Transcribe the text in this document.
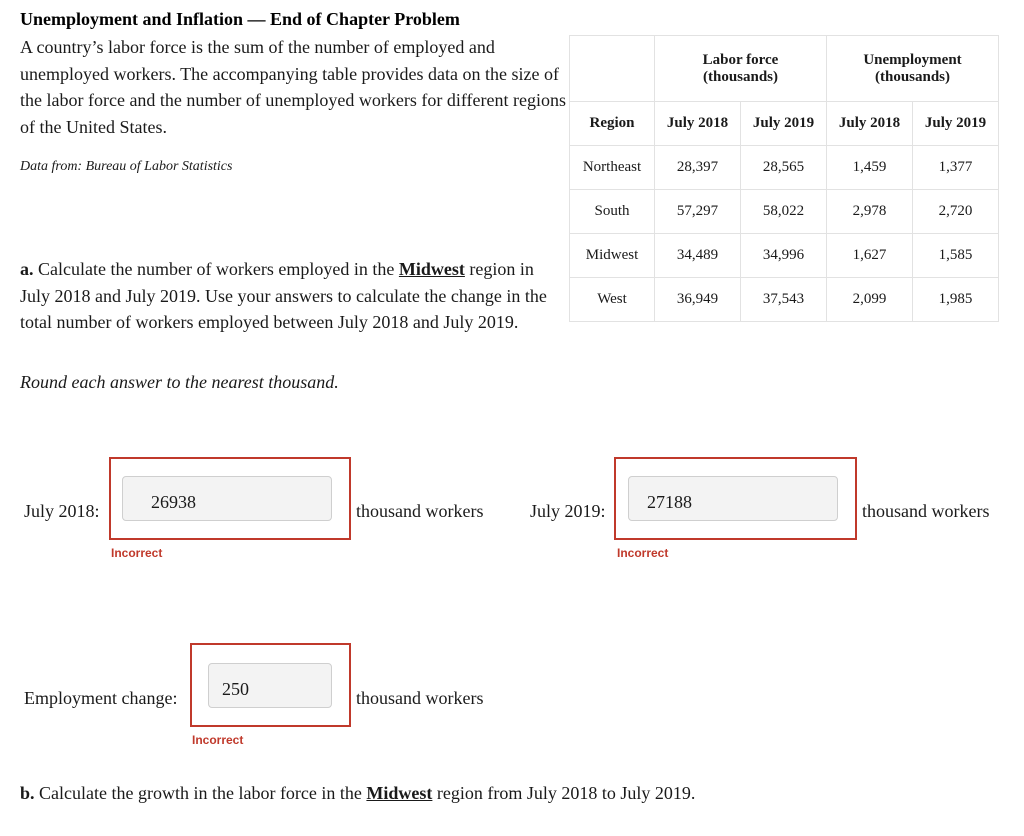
Unemployment and Inflation — End of Chapter Problem
A country’s labor force is the sum of the number of employed and unemployed workers. The accompanying table provides data on the size of the labor force and the number of unemployed workers for different regions of the United States.
Data from: Bureau of Labor Statistics
	Labor force
(thousands)		Unemployment
(thousands)	
Region	July 2018	July 2019	July 2018	July 2019
Northeast	28,397	28,565	1,459	1,377
South	57,297	58,022	2,978	2,720
Midwest	34,489	34,996	1,627	1,585
West	36,949	37,543	2,099	1,985
a. Calculate the number of workers employed in the Midwest region in July 2018 and July 2019. Use your answers to calculate the change in the total number of workers employed between July 2018 and July 2019.
Round each answer to the nearest thousand.
July 2018:
26938	thousand workers
Incorrect
July 2019:
27188	thousand workers
Incorrect
Employment change:
250	thousand workers
Incorrect
b. Calculate the growth in the labor force in the Midwest region from July 2018 to July 2019.
